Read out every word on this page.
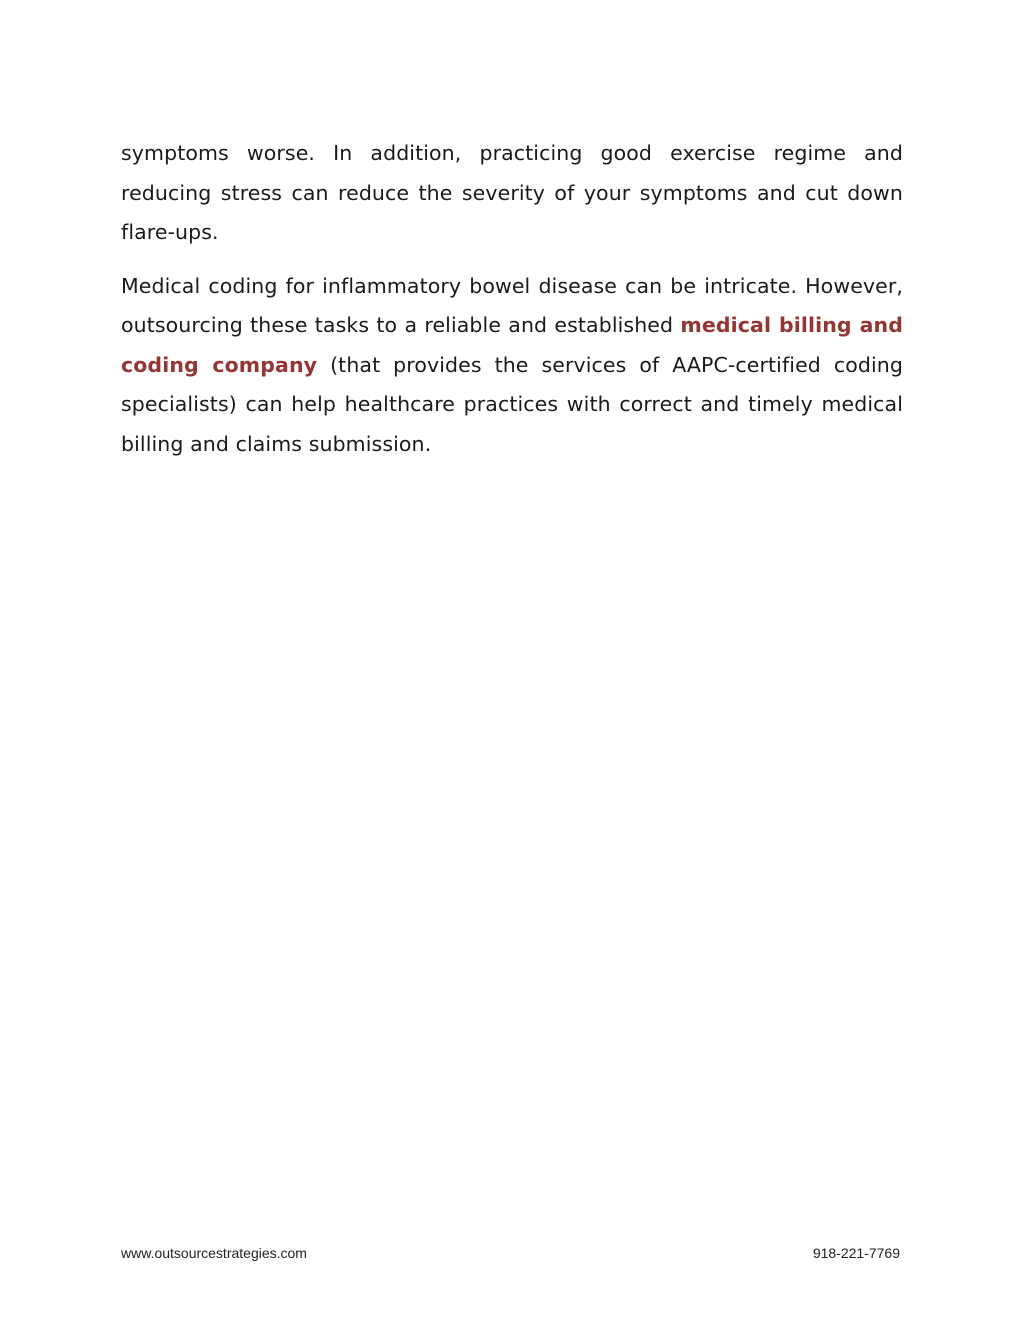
symptoms worse. In addition, practicing good exercise regime and reducing stress can reduce the severity of your symptoms and cut down flare-ups.

Medical coding for inflammatory bowel disease can be intricate. However, outsourcing these tasks to a reliable and established medical billing and coding company (that provides the services of AAPC-certified coding specialists) can help healthcare practices with correct and timely medical billing and claims submission.

www.outsourcestrategies.com	918-221-7769
